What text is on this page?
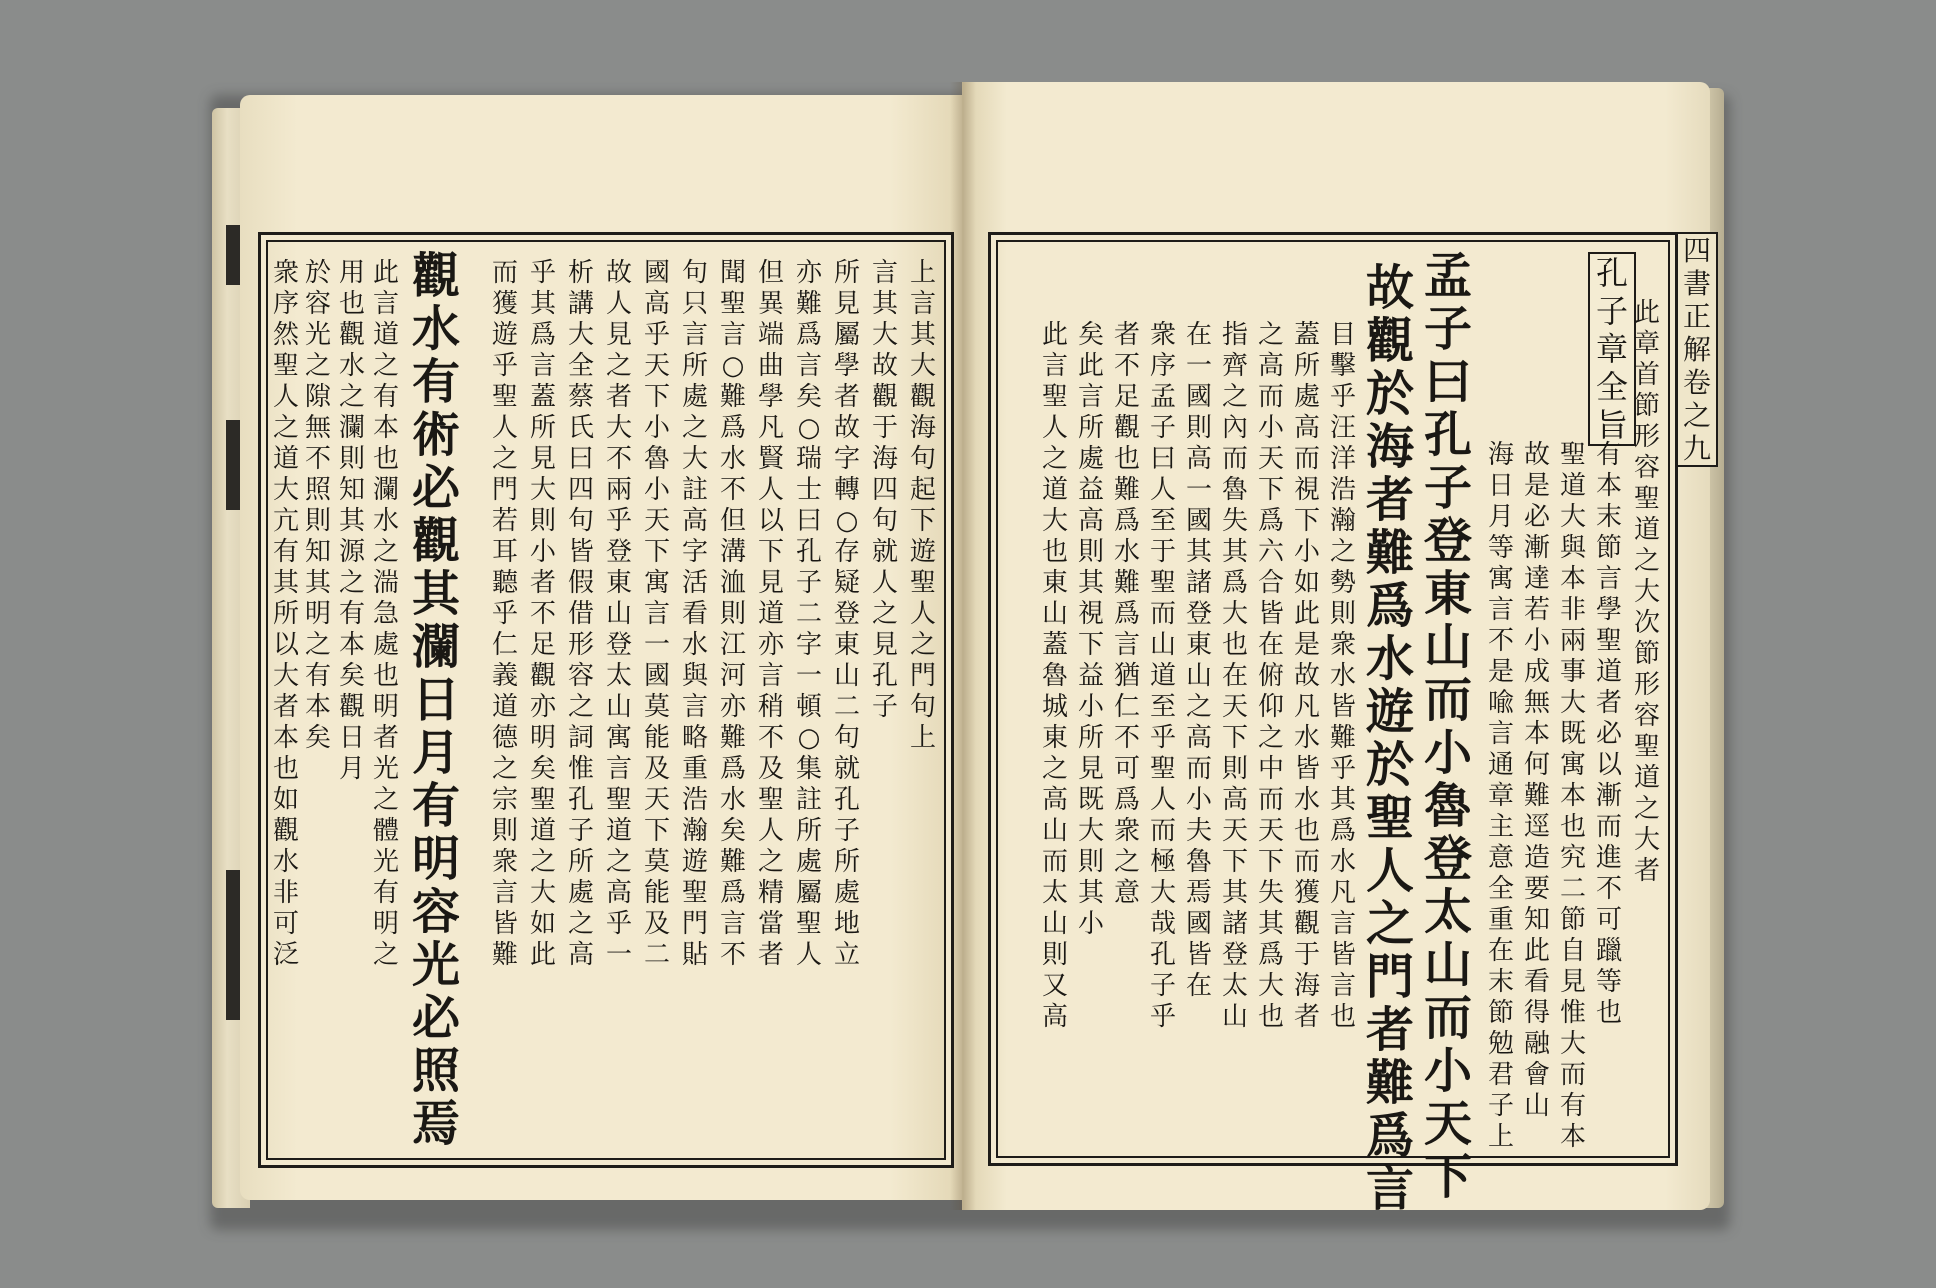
觀
水
有
術
必
觀
其
瀾
日
月
有
明
容
光
必
照
焉
此
言
道
之
有
本
也
瀾
水
之
湍
急
處
也
明
者
光
之
體
光
有
明
之
用
也
觀
水
之
瀾
則
知
其
源
之
有
本
矣
觀
日
月
於
容
光
之
隙
無
不
照
則
知
其
明
之
有
本
矣
衆
序
然
聖
人
之
道
大
亢
有
其
所
以
大
者
本
也
如
觀
水
非
可
泛
上
言
其
大
觀
海
句
起
下
遊
聖
人
之
門
句
上
言
其
大
故
觀
于
海
四
句
就
人
之
見
孔
子
所
見
屬
學
者
故
字
轉
○
存
疑
登
東
山
二
句
就
孔
子
所
處
地
立
亦
難
爲
言
矣
○
瑞
士
曰
孔
子
二
字
一
頓
○
集
註
所
處
屬
聖
人
但
異
端
曲
學
凡
賢
人
以
下
見
道
亦
言
稍
不
及
聖
人
之
精
當
者
聞
聖
言
○
難
爲
水
不
但
溝
洫
則
江
河
亦
難
爲
水
矣
難
爲
言
不
句
只
言
所
處
之
大
註
高
字
活
看
水
與
言
略
重
浩
瀚
遊
聖
門
貼
國
高
乎
天
下
小
魯
小
天
下
寓
言
一
國
莫
能
及
天
下
莫
能
及
二
故
人
見
之
者
大
不
兩
乎
登
東
山
登
太
山
寓
言
聖
道
之
高
乎
一
析
講
大
全
蔡
氏
曰
四
句
皆
假
借
形
容
之
詞
惟
孔
子
所
處
之
高
乎
其
爲
言
蓋
所
見
大
則
小
者
不
足
觀
亦
明
矣
聖
道
之
大
如
此
而
獲
遊
乎
聖
人
之
門
若
耳
聽
乎
仁
義
道
德
之
宗
則
衆
言
皆
難
孔
子
章
全
旨
此
章
首
節
形
容
聖
道
之
大
次
節
形
容
聖
道
之
大
者
有
本
末
節
言
學
聖
道
者
必
以
漸
而
進
不
可
躐
等
也
聖
道
大
與
本
非
兩
事
大
既
寓
本
也
究
二
節
自
見
惟
大
而
有
本
故
是
必
漸
達
若
小
成
無
本
何
難
逕
造
要
知
此
看
得
融
會
山
海
日
月
等
寓
言
不
是
喩
言
通
章
主
意
全
重
在
末
節
勉
君
子
上
孟
子
曰
孔
子
登
東
山
而
小
魯
登
太
山
而
小
天
下
故
觀
於
海
者
難
爲
水
遊
於
聖
人
之
門
者
難
爲
言
目
擊
乎
汪
洋
浩
瀚
之
勢
則
衆
水
皆
難
乎
其
爲
水
凡
言
皆
言
也
蓋
所
處
高
而
視
下
小
如
此
是
故
凡
水
皆
水
也
而
獲
觀
于
海
者
之
高
而
小
天
下
爲
六
合
皆
在
俯
仰
之
中
而
天
下
失
其
爲
大
也
指
齊
之
內
而
魯
失
其
爲
大
也
在
天
下
則
高
天
下
其
諸
登
太
山
在
一
國
則
高
一
國
其
諸
登
東
山
之
高
而
小
夫
魯
焉
國
皆
在
衆
序
孟
子
曰
人
至
于
聖
而
山
道
至
乎
聖
人
而
極
大
哉
孔
子
乎
者
不
足
觀
也
難
爲
水
難
爲
言
猶
仁
不
可
爲
衆
之
意
矣
此
言
所
處
益
高
則
其
視
下
益
小
所
見
既
大
則
其
小
此
言
聖
人
之
道
大
也
東
山
蓋
魯
城
東
之
高
山
而
太
山
則
又
高
四
書
正
解
卷
之
九
